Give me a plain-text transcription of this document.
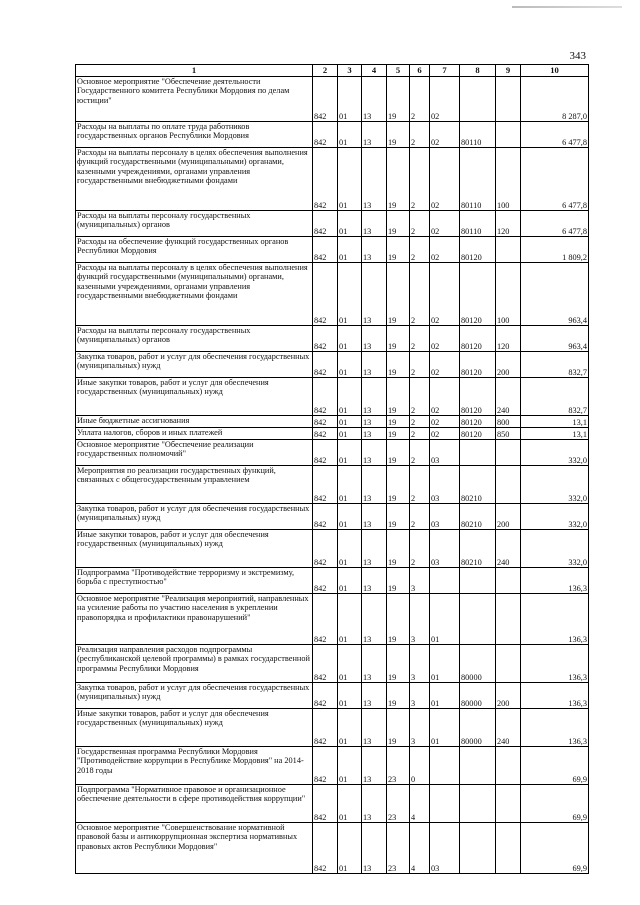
343
1	2	3	4	5	6	7	8	9	10
Основное мероприятие "Обеспечение деятельности Государственного комитета Республики Мордовия по делам юстиции"	842	01	13	19	2	02			8 287,0
Расходы на выплаты по оплате труда работников государственных органов Республики Мордовия	842	01	13	19	2	02	80110		6 477,8
Расходы на выплаты персоналу в целях обеспечения выполнения функций государственными (муниципальными) органами, казенными учреждениями, органами управления государственными внебюджетными фондами	842	01	13	19	2	02	80110	100	6 477,8
Расходы на выплаты персоналу государственных (муниципальных) органов	842	01	13	19	2	02	80110	120	6 477,8
Расходы на обеспечение функций государственных органов Республики Мордовия	842	01	13	19	2	02	80120		1 809,2
Расходы на выплаты персоналу в целях обеспечения выполнения функций государственными (муниципальными) органами, казенными учреждениями, органами управления государственными внебюджетными фондами	842	01	13	19	2	02	80120	100	963,4
Расходы на выплаты персоналу государственных (муниципальных) органов	842	01	13	19	2	02	80120	120	963,4
Закупка товаров, работ и услуг для обеспечения государственных (муниципальных) нужд	842	01	13	19	2	02	80120	200	832,7
Иные закупки товаров, работ и услуг для обеспечения государственных (муниципальных) нужд	842	01	13	19	2	02	80120	240	832,7
Иные бюджетные ассигнования	842	01	13	19	2	02	80120	800	13,1
Уплата налогов, сборов и иных платежей	842	01	13	19	2	02	80120	850	13,1
Основное мероприятие "Обеспечение реализации государственных полномочий"	842	01	13	19	2	03			332,0
Мероприятия по реализации государственных функций, связанных с общегосударственным управлением	842	01	13	19	2	03	80210		332,0
Закупка товаров, работ и услуг для обеспечения государственных (муниципальных) нужд	842	01	13	19	2	03	80210	200	332,0
Иные закупки товаров, работ и услуг для обеспечения государственных (муниципальных) нужд	842	01	13	19	2	03	80210	240	332,0
Подпрограмма "Противодействие терроризму и экстремизму, борьба с преступностью"	842	01	13	19	3				136,3
Основное мероприятие "Реализация мероприятий, направленных на усиление работы по участию населения в укреплении правопорядка и профилактики правонарушений"	842	01	13	19	3	01			136,3
Реализация направления расходов подпрограммы (республиканской целевой программы) в рамках государственной программы Республики Мордовия	842	01	13	19	3	01	80000		136,3
Закупка товаров, работ и услуг для обеспечения государственных (муниципальных) нужд	842	01	13	19	3	01	80000	200	136,3
Иные закупки товаров, работ и услуг для обеспечения государственных (муниципальных) нужд	842	01	13	19	3	01	80000	240	136,3
Государственная программа Республики Мордовия "Противодействие коррупции в Республике Мордовия" на 2014-2018 годы	842	01	13	23	0				69,9
Подпрограмма "Нормативное правовое и организационное обеспечение деятельности в сфере противодействия коррупции"	842	01	13	23	4				69,9
Основное мероприятие "Совершенствование нормативной правовой базы и антикоррупционная экспертиза нормативных правовых актов Республики Мордовия"	842	01	13	23	4	03			69,9
